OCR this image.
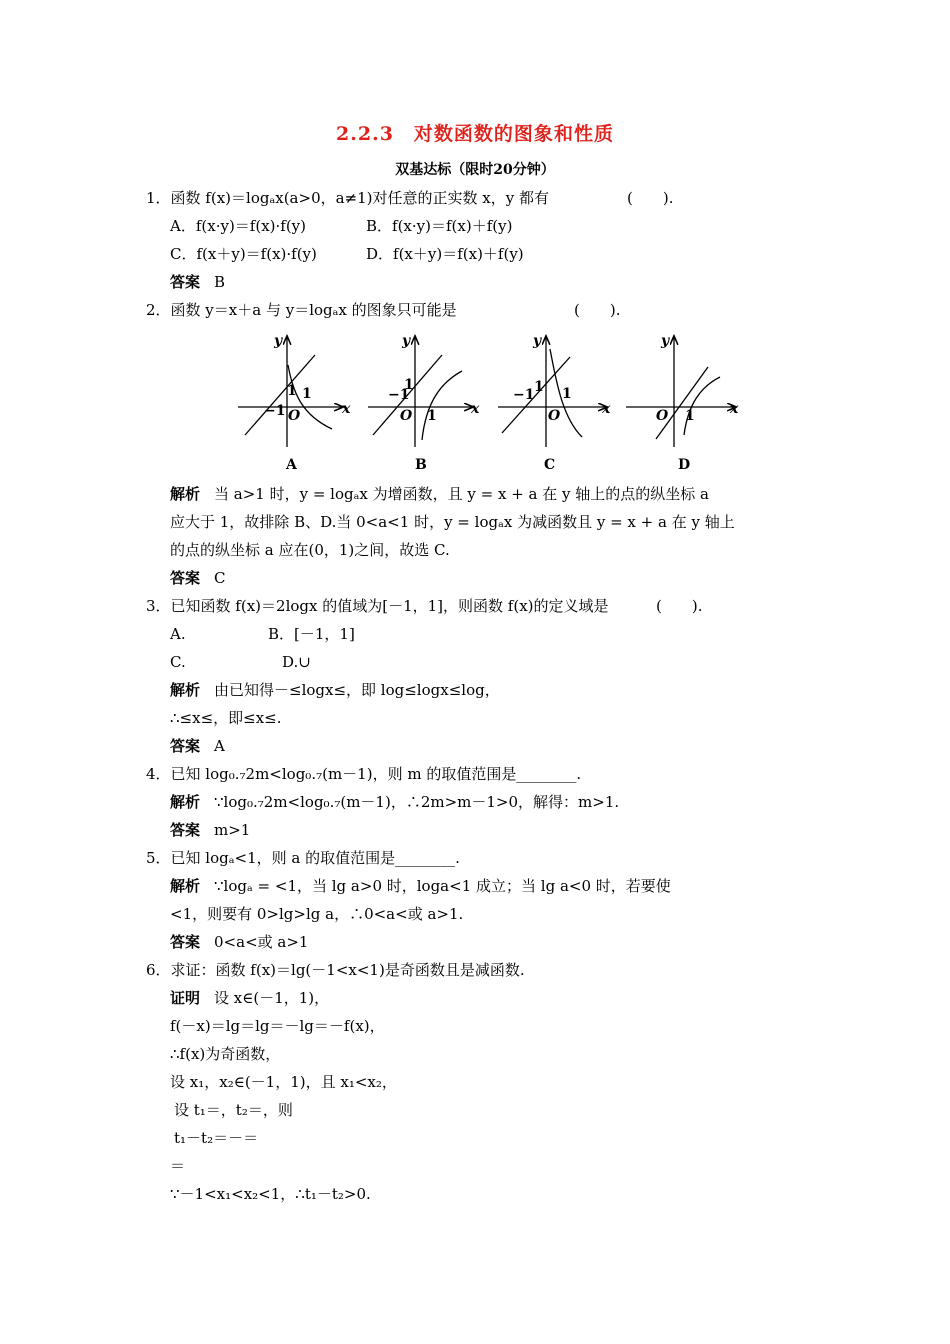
2.2.3　对数函数的图象和性质
双基达标（限时20分钟）
1．函数 f(x)＝logₐx(a>0，a≠1)对任意的正实数 x，y 都有	(　　).
A．f(x·y)＝f(x)·f(y)	B．f(x·y)＝f(x)＋f(y)
C．f(x＋y)＝f(x)·f(y)	D．f(x＋y)＝f(x)＋f(y)
答案 B
2．函数 y＝x＋a 与 y＝logₐx 的图象只可能是	(　　).
−1
1 1
O	x
y
A
−1
1
1
O	x
y
B
−1 1 1
O	x
y
C
1
O	x
y
D
解析 当 a>1 时，y = logₐx 为增函数，且 y = x + a 在 y 轴上的点的纵坐标 a
应大于 1，故排除 B、D.当 0<a<1 时，y = logₐx 为减函数且 y = x + a 在 y 轴上
的点的纵坐标 a 应在(0，1)之间，故选 C.
答案 C
3．已知函数 f(x)＝2logx 的值域为[－1，1]，则函数 f(x)的定义域是	(　　).
A.	B．[－1，1]
C.	D.∪
解析 由已知得－≤logx≤，即 log≤logx≤log，
∴≤x≤，即≤x≤.
答案 A
4．已知 log₀.₇2m<log₀.₇(m－1)，则 m 的取值范围是________.
解析 ∵log₀.₇2m<log₀.₇(m－1)，∴2m>m－1>0，解得：m>1.
答案 m>1
5．已知 logₐ<1，则 a 的取值范围是________.
解析 ∵logₐ = <1，当 lg a>0 时，loga<1 成立；当 lg a<0 时，若要使
<1，则要有 0>lg>lg a，∴0<a<或 a>1.
答案 0<a<或 a>1
6．求证：函数 f(x)＝lg(－1<x<1)是奇函数且是减函数.
证明 设 x∈(－1，1)，
f(－x)＝lg＝lg＝－lg＝－f(x)，
∴f(x)为奇函数，
设 x₁，x₂∈(－1，1)，且 x₁<x₂，
设 t₁＝，t₂＝，则
t₁－t₂＝－＝
＝
∵－1<x₁<x₂<1，∴t₁－t₂>0.
